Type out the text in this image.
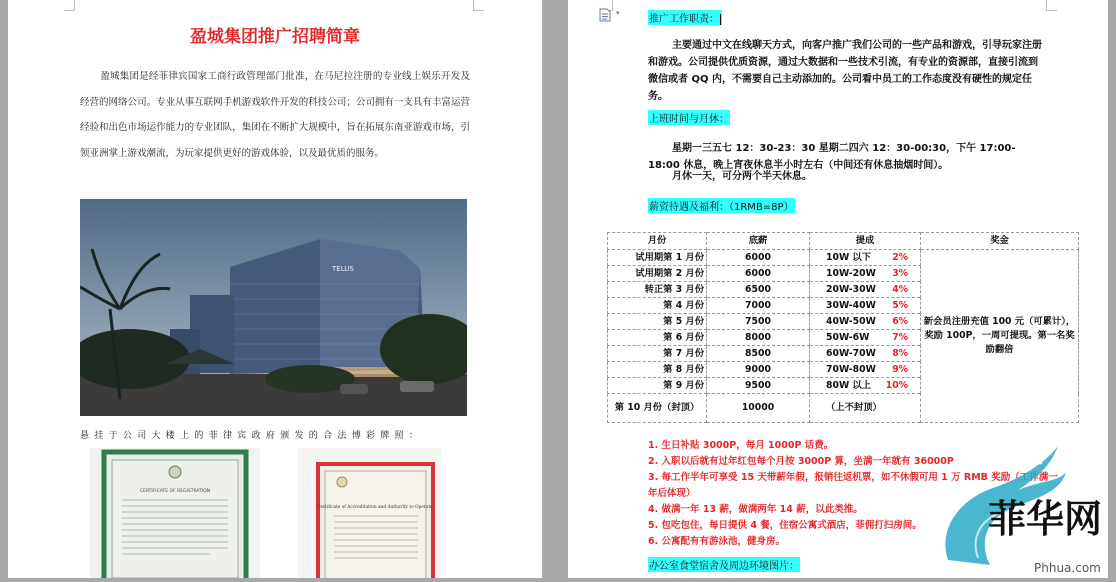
盈城集团推广招聘简章
盈城集团是经菲律宾国家工商行政管理部门批准，在马尼拉注册的专业线上娱乐开发及经营的网络公司。专业从事互联网手机游戏软件开发的科技公司；公司拥有一支具有丰富运营经验和出色市场运作能力的专业团队，集团在不断扩大规模中，旨在拓展东南亚游戏市场，引领亚洲掌上游戏潮流，为玩家提供更好的游戏体验，以及最优质的服务。
TELUS
悬挂于公司大楼上的菲律宾政府颁发的合法博彩牌照：
CERTIFICATE OF REGISTRATION
Certificate of Accreditation and Authority to Operate
▾
推广工作职责：
主要通过中文在线聊天方式，向客户推广我们公司的一些产品和游戏，引导玩家注册和游戏。公司提供优质资源，通过大数据和一些技术引流，有专业的资源部，直接引流到微信或者 QQ 内，不需要自己主动添加的。公司看中员工的工作态度没有硬性的规定任务。
上班时间与月休：
星期一三五七 12：30-23：30 星期二四六 12：30-00:30，下午 17:00-18:00 休息，晚上宵夜休息半小时左右（中间还有休息抽烟时间）。
月休一天，可分两个半天休息。
薪资待遇及福利：（1RMB=8P）
月份	底薪	提成	奖金
试用期第 1 月份	6000	10W 以下 2%	新会员注册充值 100 元（可累计），奖励 100P，一周可提现。第一名奖励翻倍
试用期第 2 月份	6000	10W-20W 3%	

转正第 3 月份	6500	20W-30W 4%	

第 4 月份	7000	30W-40W 5%	

第 5 月份	7500	40W-50W 6%	

第 6 月份	8000	50W-6W 7%	

第 7 月份	8500	60W-70W 8%	

第 8 月份	9000	70W-80W 9%	

第 9 月份	9500	80W 以上 10%	

第 10 月份（封顶）	10000	（上不封顶）	
1. 生日补贴 3000P，每月 1000P 话费。
2. 入职以后就有过年红包每个月按 3000P 算，坐满一年就有 36000P
3. 每工作半年可享受 15 天带薪年假，报销往返机票，如不休假可用 1 万 RMB 奖励（工作满一年后体现）
4. 做满一年 13 薪，做满两年 14 薪，以此类推。
5. 包吃包住，每日提供 4 餐，住宿公寓式酒店，菲佣打扫房间。
6. 公寓配有有游泳池，健身房。
办公室食堂宿舍及周边环境图片：
菲华网
Phhua.com
